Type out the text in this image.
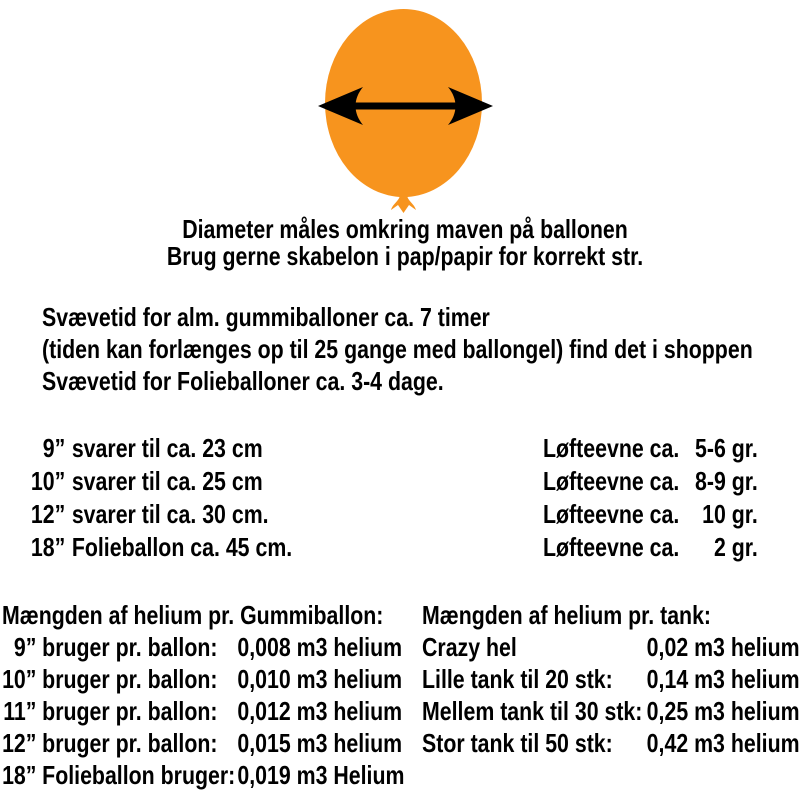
Diameter måles omkring maven på ballonen
Brug gerne skabelon i pap/papir for korrekt str.
Svævetid for alm. gummiballoner ca. 7 timer
(tiden kan forlænges op til 25 gange med ballongel) find det i shoppen
Svævetid for Folieballoner ca. 3-4 dage.
9” svarer til ca. 23 cm
10” svarer til ca. 25 cm
12” svarer til ca. 30 cm.
18” Folieballon ca. 45 cm.
Løfteevne ca. 5-6 gr.
Løfteevne ca. 8-9 gr.
Løfteevne ca. 10 gr.
Løfteevne ca. 2 gr.
Mængden af helium pr. Gummiballon:
9” bruger pr. ballon: 0,008 m3 helium
10” bruger pr. ballon: 0,010 m3 helium
11” bruger pr. ballon: 0,012 m3 helium
12” bruger pr. ballon: 0,015 m3 helium
18” Folieballon bruger:0,019 m3 Helium
Mængden af helium pr. tank:
Crazy hel	0,02 m3 helium
Lille tank til 20 stk: 0,14 m3 helium
Mellem tank til 30 stk: 0,25 m3 helium
Stor tank til 50 stk: 0,42 m3 helium
